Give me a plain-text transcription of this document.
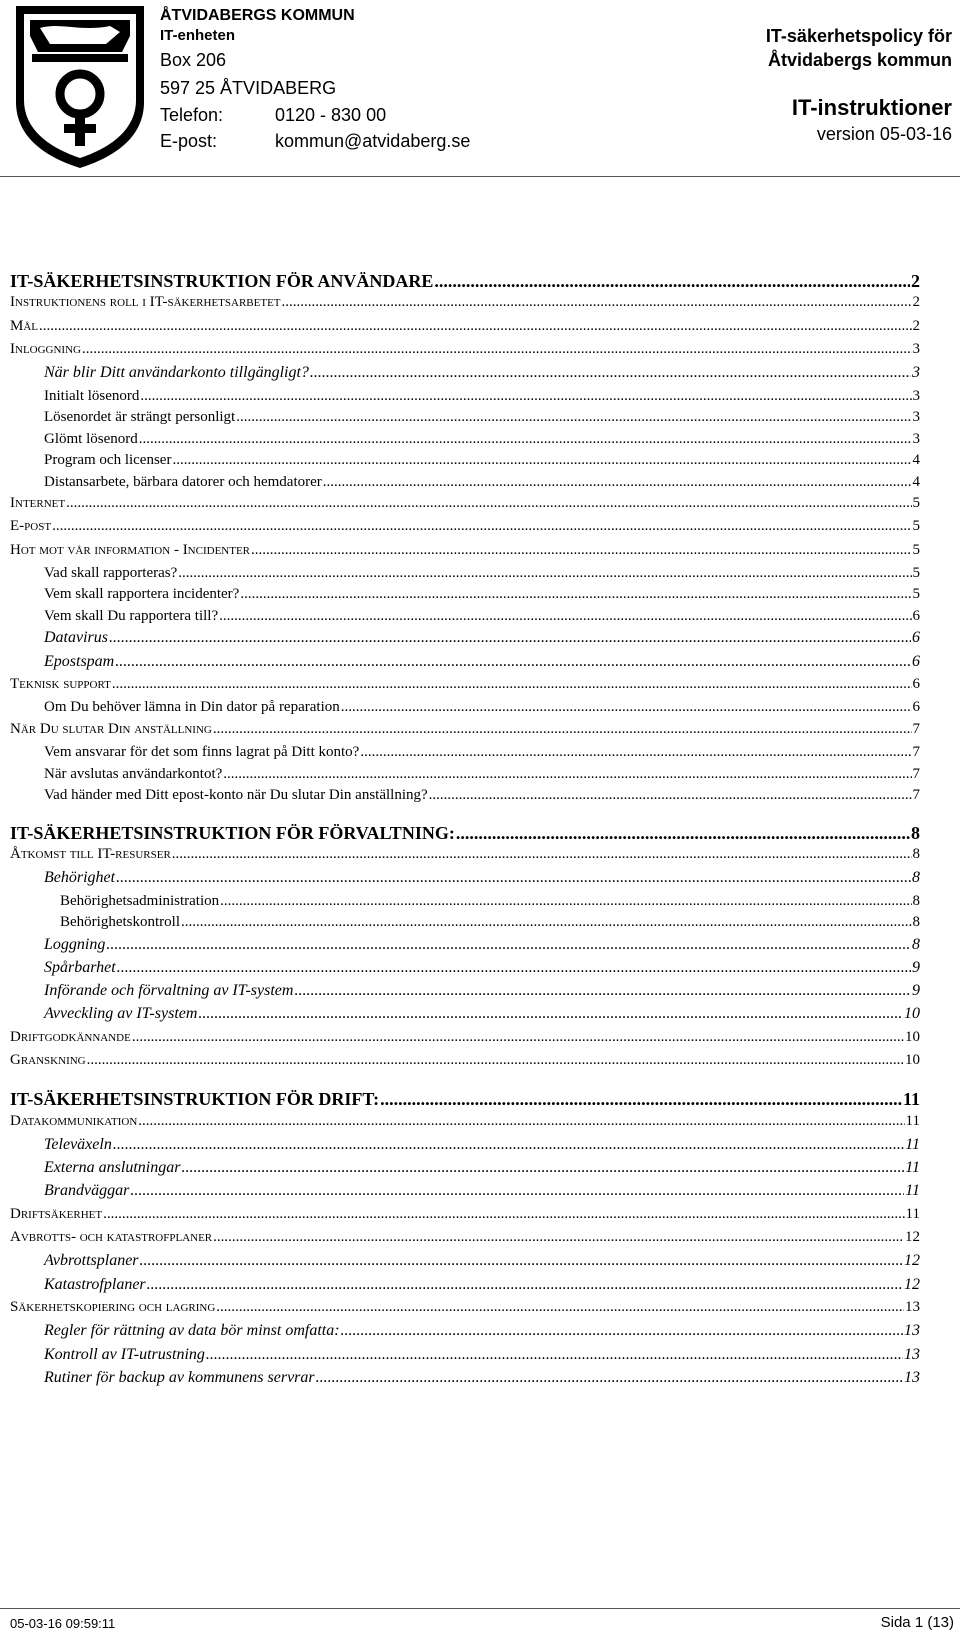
ÅTVIDABERGS KOMMUN
IT-enheten
Box 206
597 25 ÅTVIDABERG
Telefon:	0120 - 830 00
E-post:	kommun@atvidaberg.se
IT-säkerhetspolicy för
Åtvidabergs kommun
IT-instruktioner
version 05-03-16
IT-SÄKERHETSINSTRUKTION FÖR ANVÄNDARE .....	2
Instruktionens roll i IT-säkerhetsarbetet .....	2
Mål .....	2
Inloggning .....	3
När blir Ditt användarkonto tillgängligt? .....	3
Initialt lösenord .....	3
Lösenordet är strängt personligt .....	3
Glömt lösenord .....	3
Program och licenser .....	4
Distansarbete, bärbara datorer och hemdatorer .....	4
Internet .....	5
E-post .....	5
Hot mot vår information - Incidenter .....	5
Vad skall rapporteras? .....	5
Vem skall rapportera incidenter? .....	5
Vem skall Du rapportera till? .....	6
Datavirus .....	6
Epostspam .....	6
Teknisk support .....	6
Om Du behöver lämna in Din dator på reparation .....	6
När Du slutar Din anställning .....	7
Vem ansvarar för det som finns lagrat på Ditt konto? .....	7
När avslutas användarkontot? .....	7
Vad händer med Ditt epost-konto när Du slutar Din anställning? .....	7
IT-SÄKERHETSINSTRUKTION FÖR FÖRVALTNING: .....	8
Åtkomst till IT-resurser .....	8
Behörighet .....	8
Behörighetsadministration .....	8
Behörighetskontroll .....	8
Loggning .....	8
Spårbarhet .....	9
Införande och förvaltning av IT-system .....	9
Avveckling av IT-system .....	10
Driftgodkännande .....	10
Granskning .....	10
IT-SÄKERHETSINSTRUKTION FÖR DRIFT: .....	11
Datakommunikation .....	11
Televäxeln .....	11
Externa anslutningar .....	11
Brandväggar .....	11
Driftsäkerhet .....	11
Avbrotts- och katastrofplaner .....	12
Avbrottsplaner .....	12
Katastrofplaner .....	12
Säkerhetskopiering och lagring .....	13
Regler för rättning av data bör minst omfatta: .....	13
Kontroll av IT-utrustning .....	13
Rutiner för backup av kommunens servrar .....	13
05-03-16 09:59:11	Sida 1 (13)
